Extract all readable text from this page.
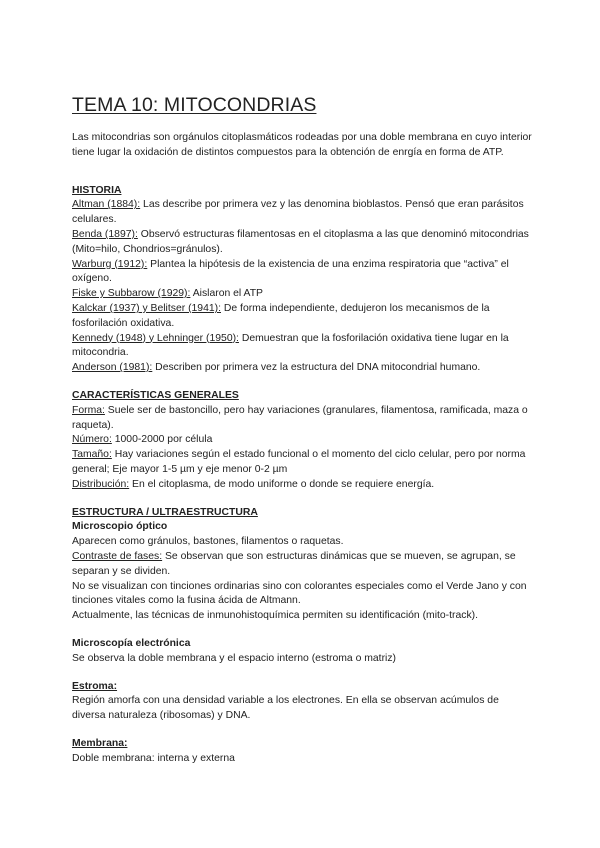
TEMA 10: MITOCONDRIAS

Las mitocondrias son orgánulos citoplasmáticos rodeadas por una doble membrana en cuyo interior tiene lugar la oxidación de distintos compuestos para la obtención de enrgía en forma de ATP.

HISTORIA

Altman (1884): Las describe por primera vez y las denomina bioblastos. Pensó que eran parásitos celulares.

Benda (1897): Observó estructuras filamentosas en el citoplasma a las que denominó mitocondrias (Mito=hilo, Chondrios=gránulos).

Warburg (1912): Plantea la hipótesis de la existencia de una enzima respiratoria que “activa” el oxígeno.

Fiske y Subbarow (1929): Aislaron el ATP

Kalckar (1937) y Belitser (1941): De forma independiente, dedujeron los mecanismos de la fosforilación oxidativa.

Kennedy (1948) y Lehninger (1950): Demuestran que la fosforilación oxidativa tiene lugar en la mitocondria.

Anderson (1981): Describen por primera vez la estructura del DNA mitocondrial humano.

CARACTERÍSTICAS GENERALES

Forma: Suele ser de bastoncillo, pero hay variaciones (granulares, filamentosa, ramificada, maza o raqueta).

Número: 1000-2000 por célula

Tamaño: Hay variaciones según el estado funcional o el momento del ciclo celular, pero por norma general; Eje mayor 1-5 µm y eje menor 0-2 µm

Distribución: En el citoplasma, de modo uniforme o donde se requiere energía.

ESTRUCTURA / ULTRAESTRUCTURA
Microscopio óptico

Aparecen como gránulos, bastones, filamentos o raquetas.

Contraste de fases: Se observan que son estructuras dinámicas que se mueven, se agrupan, se separan y se dividen.

No se visualizan con tinciones ordinarias sino con colorantes especiales como el Verde Jano y con tinciones vitales como la fusina ácida de Altmann.

Actualmente, las técnicas de inmunohistoquímica permiten su identificación (mito-track).

Microscopía electrónica

Se observa la doble membrana y el espacio interno (estroma o matriz)

Estroma:

Región amorfa con una densidad variable a los electrones. En ella se observan acúmulos de diversa naturaleza (ribosomas) y DNA.

Membrana:

Doble membrana: interna y externa
